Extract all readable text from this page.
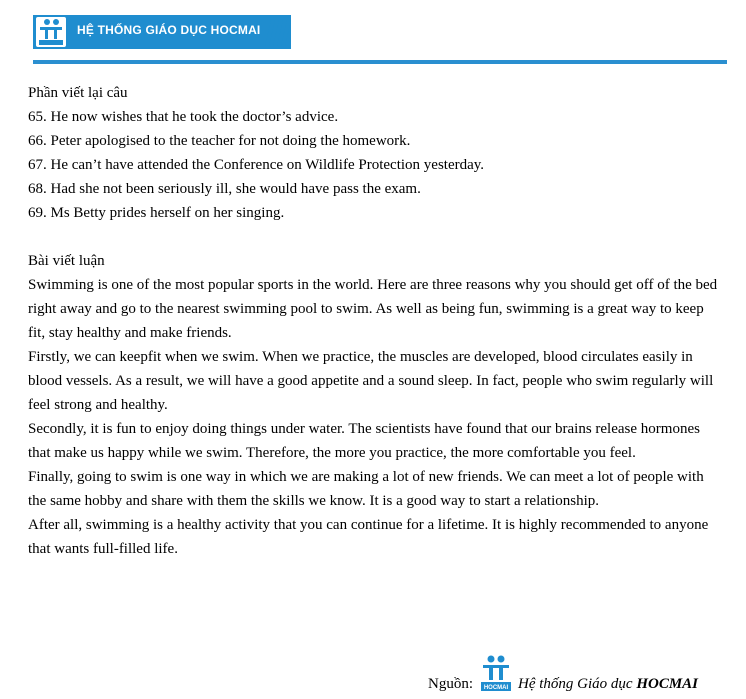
HỆ THỐNG GIÁO DỤC HOCMAI

Phần viết lại câu

65. He now wishes that he took the doctor’s advice.

66. Peter apologised to the teacher for not doing the homework.

67. He can’t have attended the Conference on Wildlife Protection yesterday.

68. Had she not been seriously ill, she would have pass the exam.

69. Ms Betty prides herself on her singing.

Bài viết luận

Swimming is one of the most popular sports in the world. Here are three reasons why you should get off of the bed right away and go to the nearest swimming pool to swim. As well as being fun, swimming is a great way to keep fit, stay healthy and make friends.

Firstly, we can keepfit when we swim. When we practice, the muscles are developed, blood circulates easily in blood vessels. As a result, we will have a good appetite and a sound sleep. In fact, people who swim regularly will feel strong and healthy.

Secondly, it is fun to enjoy doing things under water. The scientists have found that our brains release hormones that make us happy while we swim. Therefore, the more you practice, the more comfortable you feel.

Finally, going to swim is one way in which we are making a lot of new friends. We can meet a lot of people with the same hobby and share with them the skills we know. It is a good way to start a relationship.

After all, swimming is a healthy activity that you can continue for a lifetime. It is highly recommended to anyone that wants full-filled life.

Nguồn: HOCMAI Hệ thống Giáo dục HOCMAI
